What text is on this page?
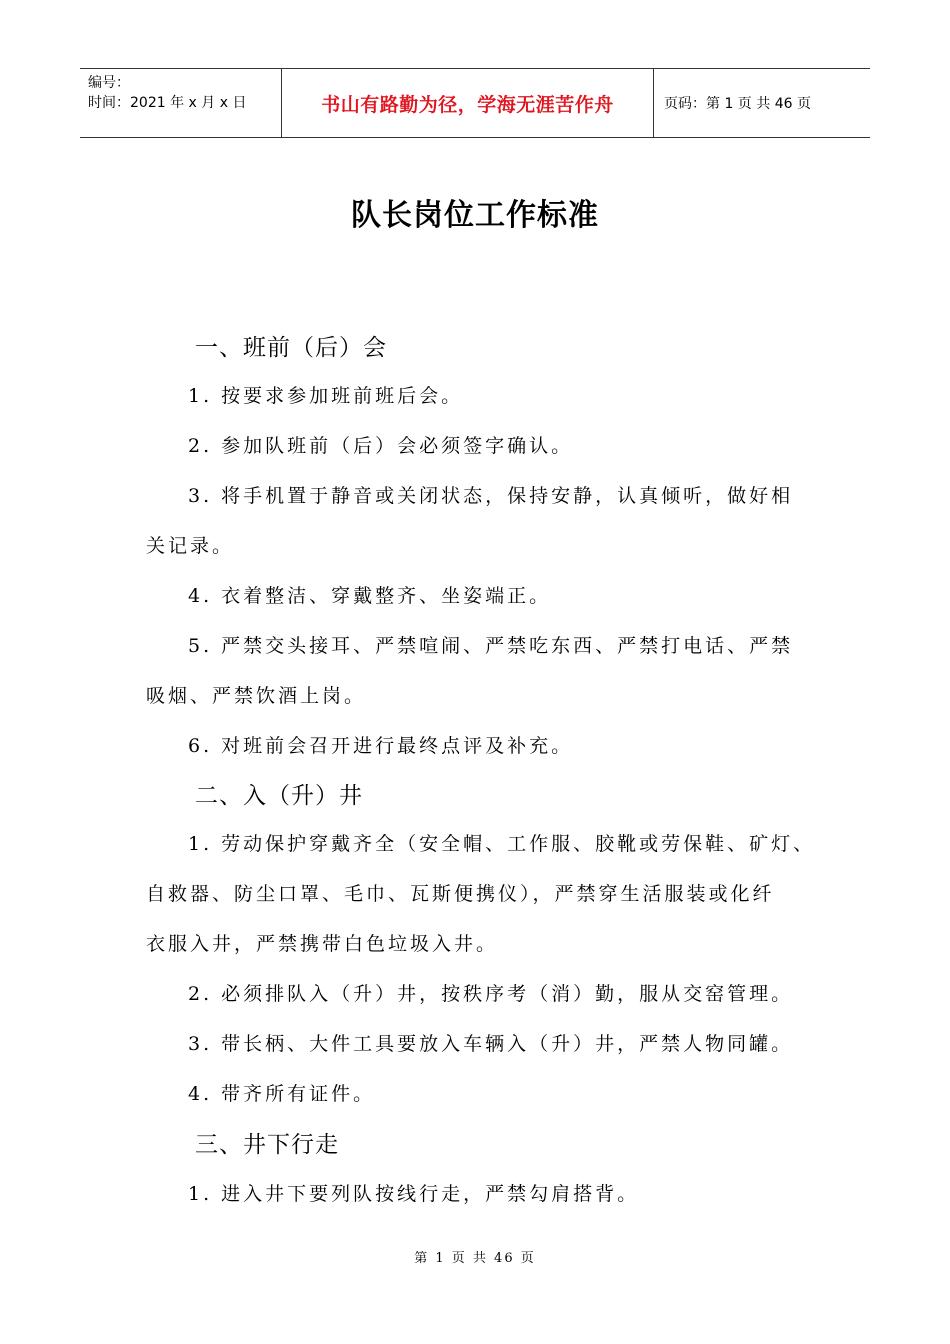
编号：
时间：2021 年 x 月 x 日	书山有路勤为径，学海无涯苦作舟	页码：第 1 页 共 46 页
队长岗位工作标准
一、班前（后）会
1. 按要求参加班前班后会。
2. 参加队班前（后）会必须签字确认。
3. 将手机置于静音或关闭状态，保持安静，认真倾听，做好相
关记录。
4. 衣着整洁、穿戴整齐、坐姿端正。
5. 严禁交头接耳、严禁喧闹、严禁吃东西、严禁打电话、严禁
吸烟、严禁饮酒上岗。
6. 对班前会召开进行最终点评及补充。
二、入（升）井
1. 劳动保护穿戴齐全（安全帽、工作服、胶靴或劳保鞋、矿灯、
自救器、防尘口罩、毛巾、瓦斯便携仪），严禁穿生活服装或化纤
衣服入井，严禁携带白色垃圾入井。
2. 必须排队入（升）井，按秩序考（消）勤，服从交窑管理。
3. 带长柄、大件工具要放入车辆入（升）井，严禁人物同罐。
4. 带齐所有证件。
三、井下行走
1. 进入井下要列队按线行走，严禁勾肩搭背。
第 1 页 共 46 页
